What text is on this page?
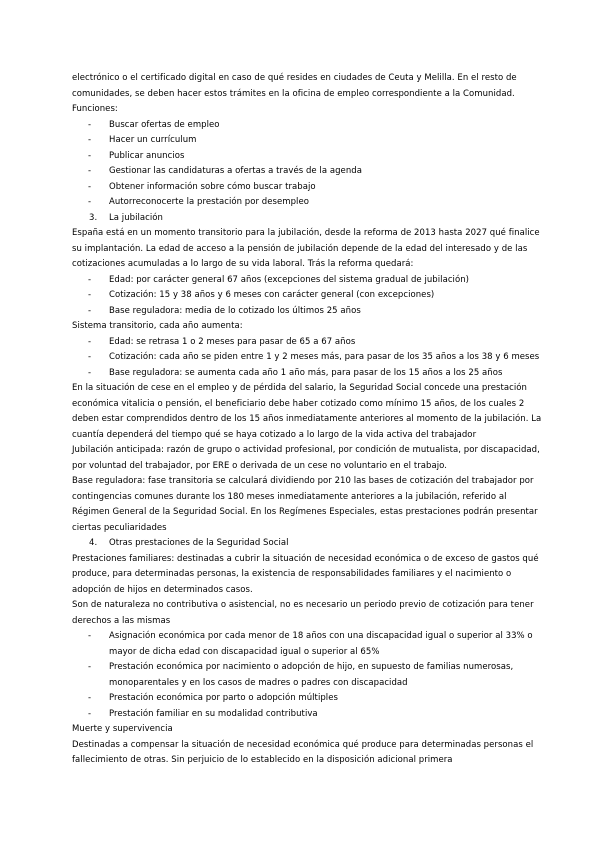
electrónico o el certificado digital en caso de qué resides en ciudades de Ceuta y Melilla. En el resto de comunidades, se deben hacer estos trámites en la oficina de empleo correspondiente a la Comunidad. Funciones:
- Buscar ofertas de empleo
- Hacer un currículum
- Publicar anuncios
- Gestionar las candidaturas a ofertas a través de la agenda
- Obtener información sobre cómo buscar trabajo
- Autorreconocerte la prestación por desempleo
3. La jubilación
España está en un momento transitorio para la jubilación, desde la reforma de 2013 hasta 2027 qué finalice su implantación. La edad de acceso a la pensión de jubilación depende de la edad del interesado y de las cotizaciones acumuladas a lo largo de su vida laboral. Trás la reforma quedará:
- Edad: por carácter general 67 años (excepciones del sistema gradual de jubilación)
- Cotización: 15 y 38 años y 6 meses con carácter general (con excepciones)
- Base reguladora: media de lo cotizado los últimos 25 años
Sistema transitorio, cada año aumenta:
- Edad: se retrasa 1 o 2 meses para pasar de 65 a 67 años
- Cotización: cada año se piden entre 1 y 2 meses más, para pasar de los 35 años a los 38 y 6 meses
- Base reguladora: se aumenta cada año 1 año más, para pasar de los 15 años a los 25 años
En la situación de cese en el empleo y de pérdida del salario, la Seguridad Social concede una prestación económica vitalicia o pensión, el beneficiario debe haber cotizado como mínimo 15 años, de los cuales 2 deben estar comprendidos dentro de los 15 años inmediatamente anteriores al momento de la jubilación. La cuantía dependerá del tiempo qué se haya cotizado a lo largo de la vida activa del trabajador
Jubilación anticipada: razón de grupo o actividad profesional, por condición de mutualista, por discapacidad, por voluntad del trabajador, por ERE o derivada de un cese no voluntario en el trabajo.
Base reguladora: fase transitoria se calculará dividiendo por 210 las bases de cotización del trabajador por contingencias comunes durante los 180 meses inmediatamente anteriores a la jubilación, referido al Régimen General de la Seguridad Social. En los Regímenes Especiales, estas prestaciones podrán presentar ciertas peculiaridades
4. Otras prestaciones de la Seguridad Social
Prestaciones familiares: destinadas a cubrir la situación de necesidad económica o de exceso de gastos qué produce, para determinadas personas, la existencia de responsabilidades familiares y el nacimiento o adopción de hijos en determinados casos.
Son de naturaleza no contributiva o asistencial, no es necesario un periodo previo de cotización para tener derechos a las mismas
- Asignación económica por cada menor de 18 años con una discapacidad igual o superior al 33% o mayor de dicha edad con discapacidad igual o superior al 65%
- Prestación económica por nacimiento o adopción de hijo, en supuesto de familias numerosas, monoparentales y en los casos de madres o padres con discapacidad
- Prestación económica por parto o adopción múltiples
- Prestación familiar en su modalidad contributiva
Muerte y supervivencia
Destinadas a compensar la situación de necesidad económica qué produce para determinadas personas el fallecimiento de otras. Sin perjuicio de lo establecido en la disposición adicional primera
